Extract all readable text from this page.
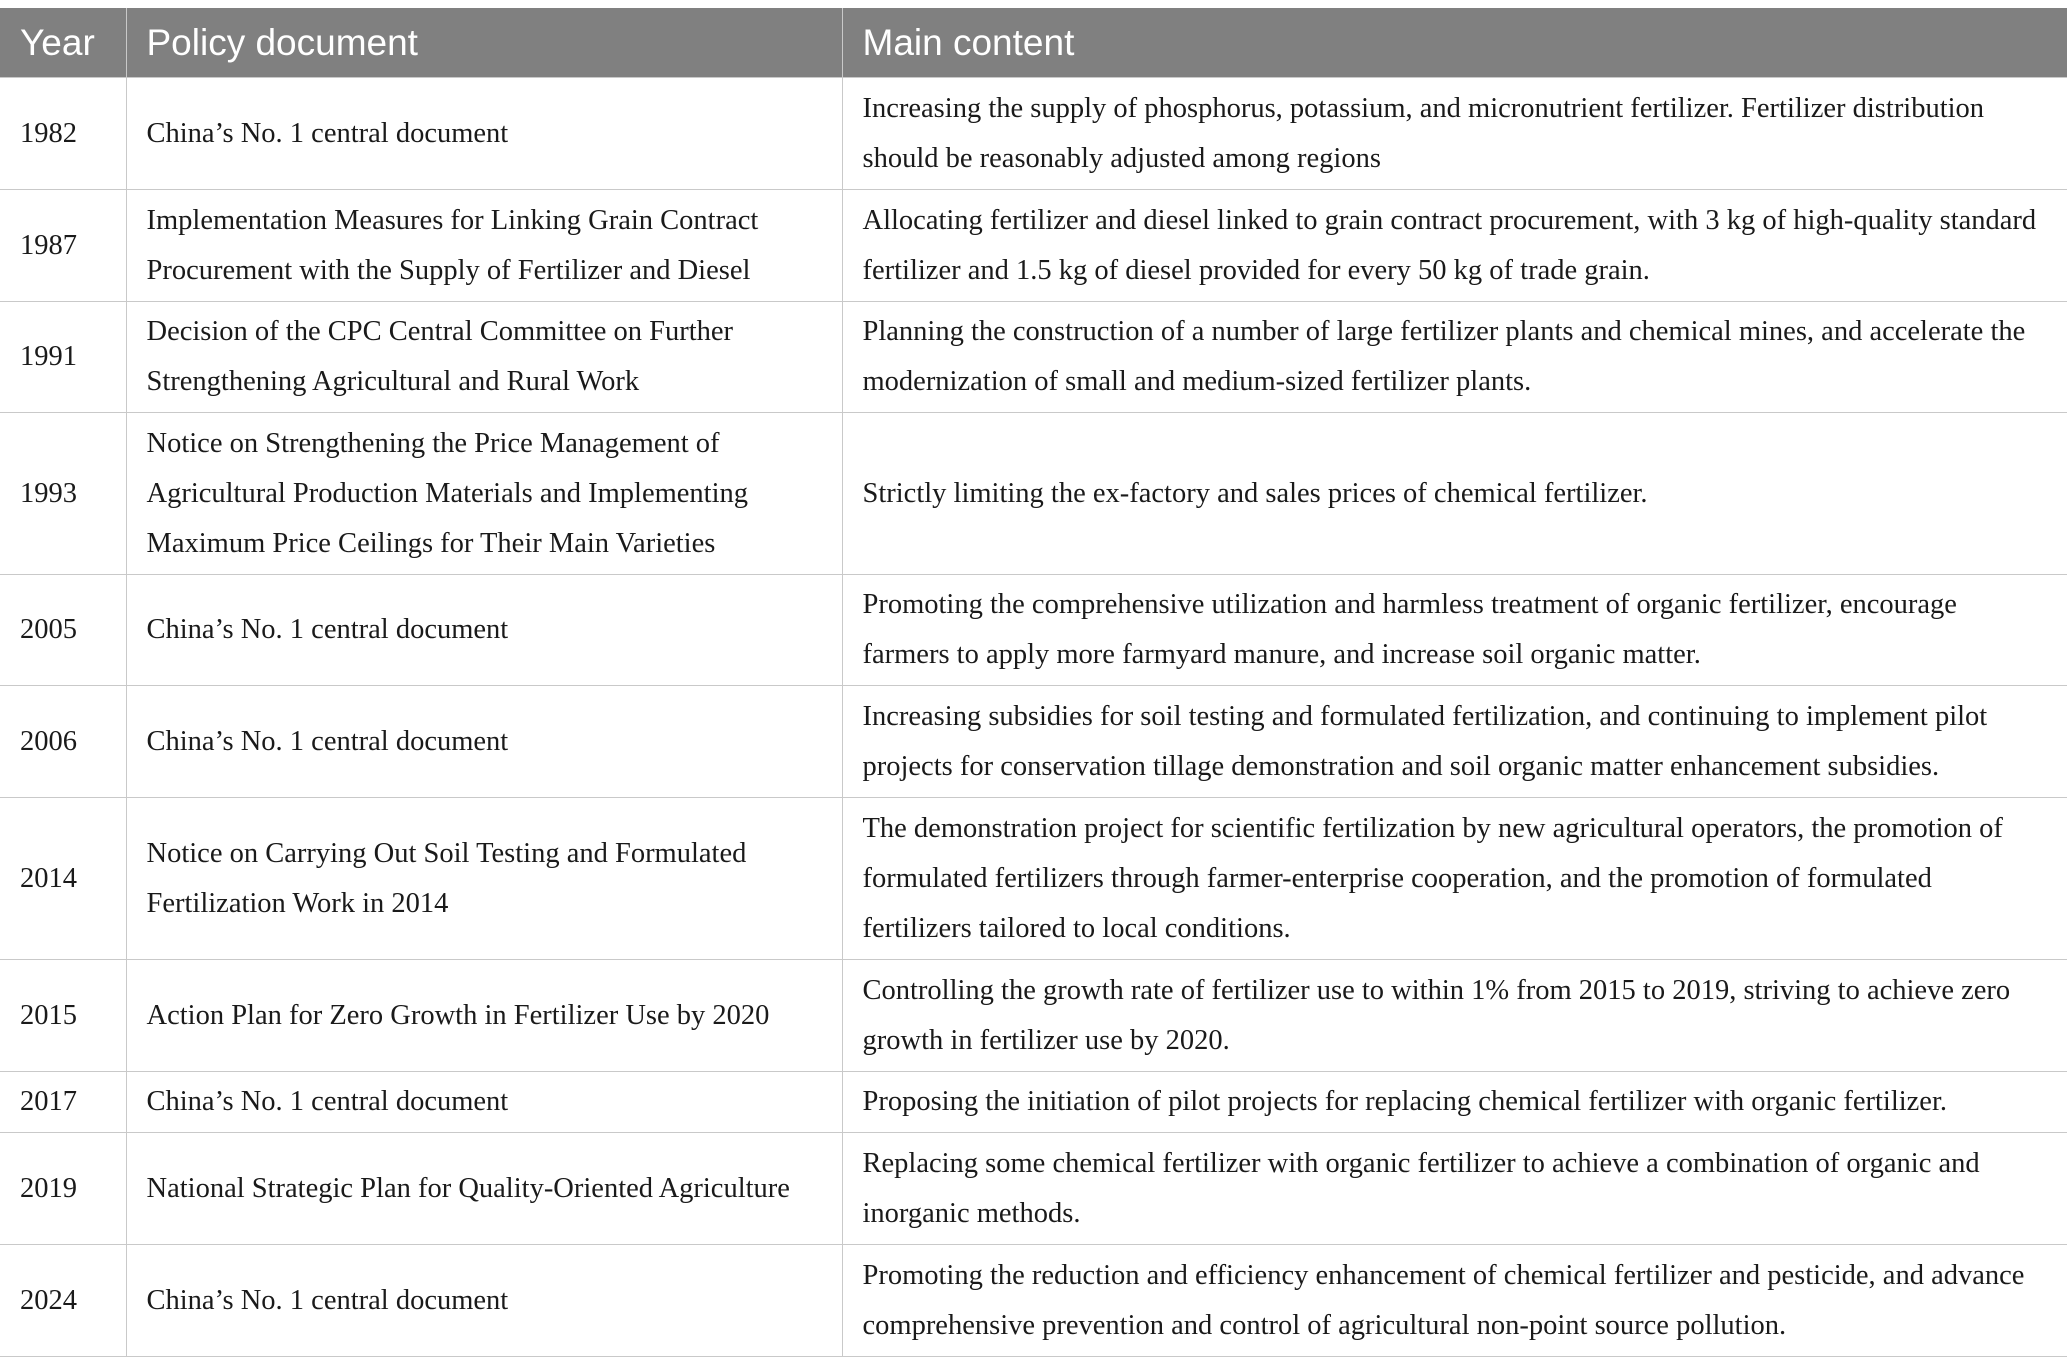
Year	Policy document	Main content
1982	China’s No. 1 central document	Increasing the supply of phosphorus, potassium, and micronutrient fertilizer. Fertilizer distribution should be reasonably adjusted among regions
1987	Implementation Measures for Linking Grain Contract Procurement with the Supply of Fertilizer and Diesel	Allocating fertilizer and diesel linked to grain contract procurement, with 3 kg of high-quality standard fertilizer and 1.5 kg of diesel provided for every 50 kg of trade grain.
1991	Decision of the CPC Central Committee on Further Strengthening Agricultural and Rural Work	Planning the construction of a number of large fertilizer plants and chemical mines, and accelerate the modernization of small and medium-sized fertilizer plants.
1993	Notice on Strengthening the Price Management of Agricultural Production Materials and Implementing Maximum Price Ceilings for Their Main Varieties	Strictly limiting the ex-factory and sales prices of chemical fertilizer.
2005	China’s No. 1 central document	Promoting the comprehensive utilization and harmless treatment of organic fertilizer, encourage farmers to apply more farmyard manure, and increase soil organic matter.
2006	China’s No. 1 central document	Increasing subsidies for soil testing and formulated fertilization, and continuing to implement pilot projects for conservation tillage demonstration and soil organic matter enhancement subsidies.
2014	Notice on Carrying Out Soil Testing and Formulated Fertilization Work in 2014	The demonstration project for scientific fertilization by new agricultural operators, the promotion of formulated fertilizers through farmer-enterprise cooperation, and the promotion of formulated fertilizers tailored to local conditions.
2015	Action Plan for Zero Growth in Fertilizer Use by 2020	Controlling the growth rate of fertilizer use to within 1% from 2015 to 2019, striving to achieve zero growth in fertilizer use by 2020.
2017	China’s No. 1 central document	Proposing the initiation of pilot projects for replacing chemical fertilizer with organic fertilizer.
2019	National Strategic Plan for Quality-Oriented Agriculture	Replacing some chemical fertilizer with organic fertilizer to achieve a combination of organic and inorganic methods.
2024	China’s No. 1 central document	Promoting the reduction and efficiency enhancement of chemical fertilizer and pesticide, and advance comprehensive prevention and control of agricultural non-point source pollution.
